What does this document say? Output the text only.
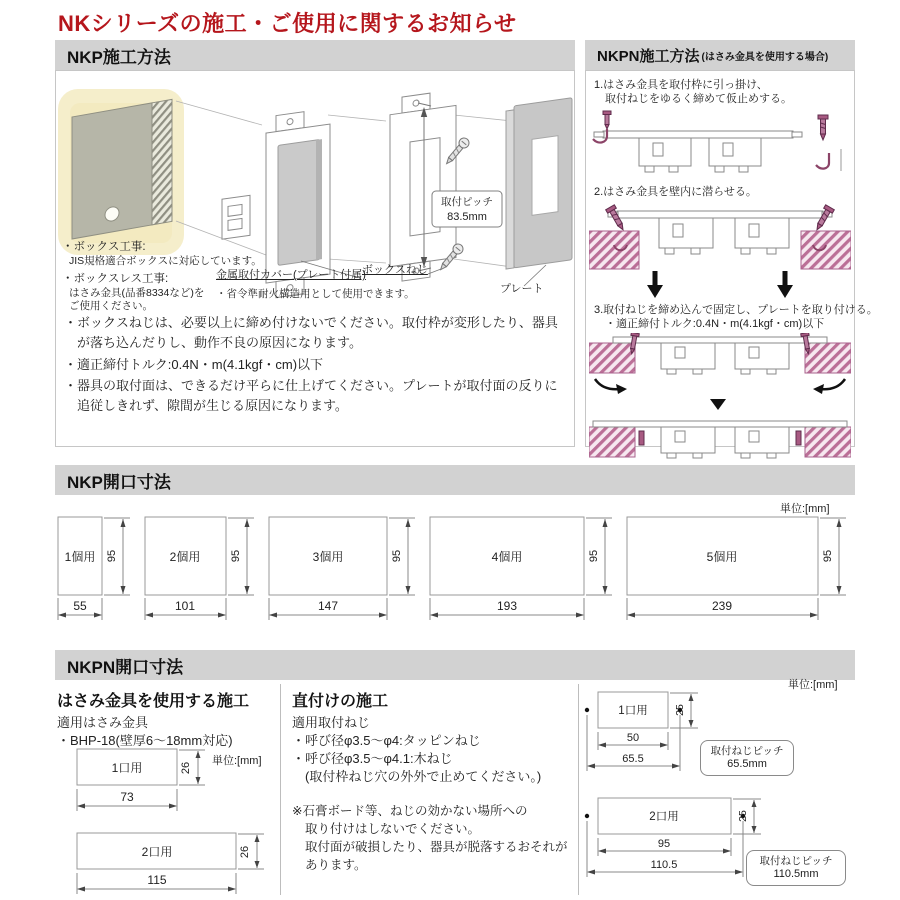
NKシリーズの施工・ご使用に関するお知らせ
NKP施工方法
取付ピッチ
83.5mm
・ボックス工事:
JIS規格適合ボックスに対応しています。
・ボックスレス工事:
はさみ金具(品番8334など)を
ご使用ください。
金属取付カバー(プレート付属)
・省令準耐火構造用として使用できます。
ボックスねじ
プレート
・ボックスねじは、必要以上に締め付けないでください。取付枠が変形したり、器具が落ち込んだりし、動作不良の原因になります。
・適正締付トルク:0.4N・m(4.1kgf・cm)以下
・器具の取付面は、できるだけ平らに仕上げてください。プレートが取付面の反りに追従しきれず、隙間が生じる原因になります。
NKPN施工方法 (はさみ金具を使用する場合)
1.はさみ金具を取付枠に引っ掛け、
取付ねじをゆるく締めて仮止めする。
2.はさみ金具を壁内に潜らせる。
3.取付ねじを締め込んで固定し、プレートを取り付ける。
・適正締付トルク:0.4N・m(4.1kgf・cm)以下
NKP開口寸法
単位:[mm]
1個用
55
95	2個用
101
95	3個用
147
95	4個用
193
95	5個用
239
95
NKPN開口寸法
はさみ金具を使用する施工
適用はさみ金具
・BHP-18(壁厚6〜18mm対応)
単位:[mm]
1口用
73
26
2口用
115
26
直付けの施工
適用取付ねじ
・呼び径φ3.5〜φ4:タッピンねじ
・呼び径φ3.5〜φ4.1:木ねじ
(取付枠ねじ穴の外外で止めてください。)
※石膏ボード等、ねじの効かない場所への
取り付けはしないでください。
取付面が破損したり、器具が脱落するおそれが
あります。
単位:[mm]
1口用	25
50
65.5
取付ねじピッチ
65.5mm
2口用	25
95
110.5	取付ねじピッチ
110.5mm
